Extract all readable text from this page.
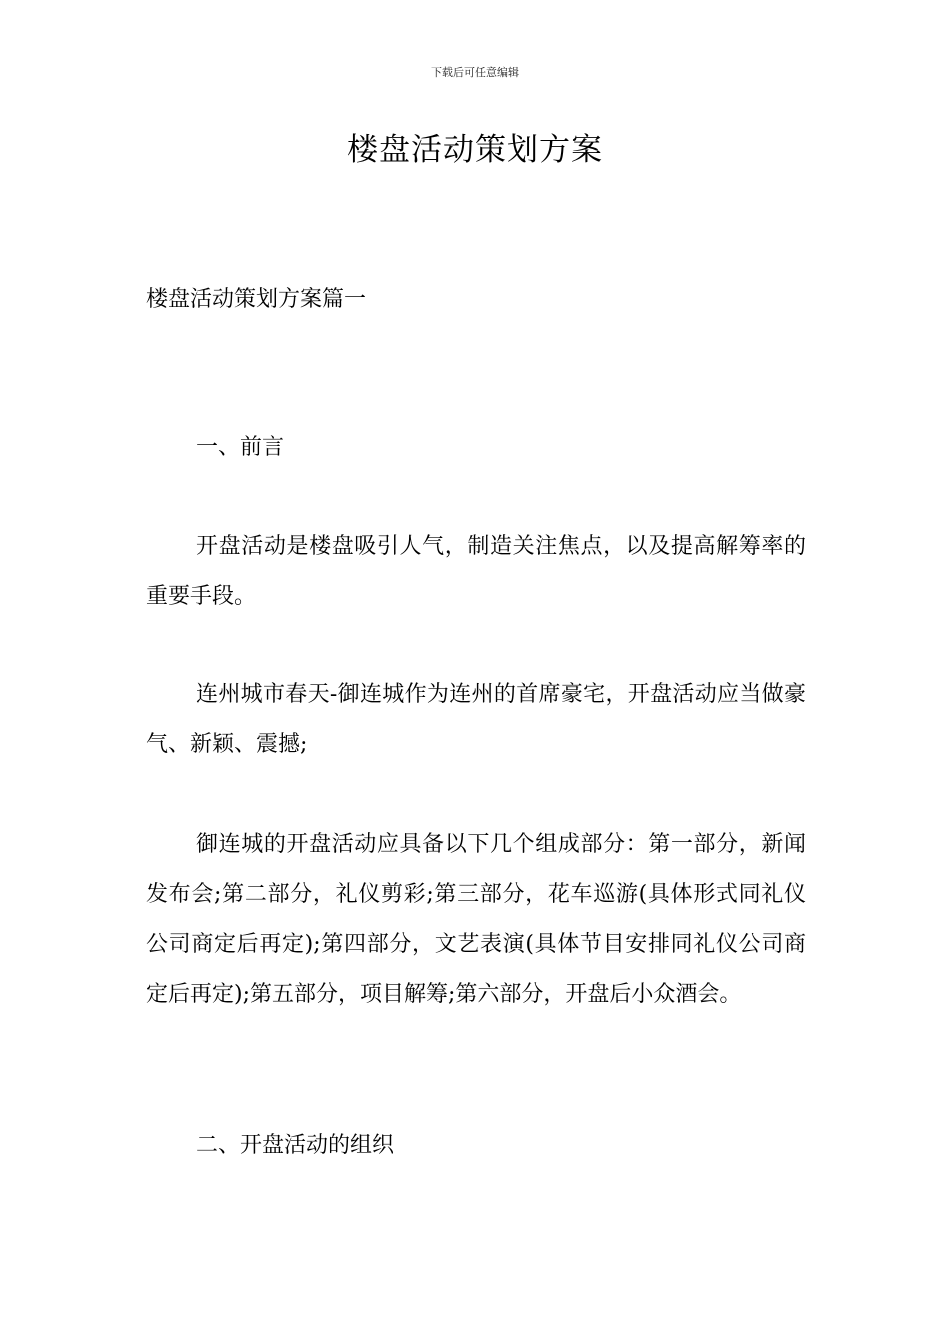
下载后可任意编辑
楼盘活动策划方案
楼盘活动策划方案篇一
一、前言

开盘活动是楼盘吸引人气，制造关注焦点，以及提高解筹率的重要手段。

连州城市春天-御连城作为连州的首席豪宅，开盘活动应当做豪气、新颖、震撼;

御连城的开盘活动应具备以下几个组成部分：第一部分，新闻发布会;第二部分，礼仪剪彩;第三部分，花车巡游(具体形式同礼仪公司商定后再定);第四部分，文艺表演(具体节目安排同礼仪公司商定后再定);第五部分，项目解筹;第六部分，开盘后小众酒会。

二、开盘活动的组织
